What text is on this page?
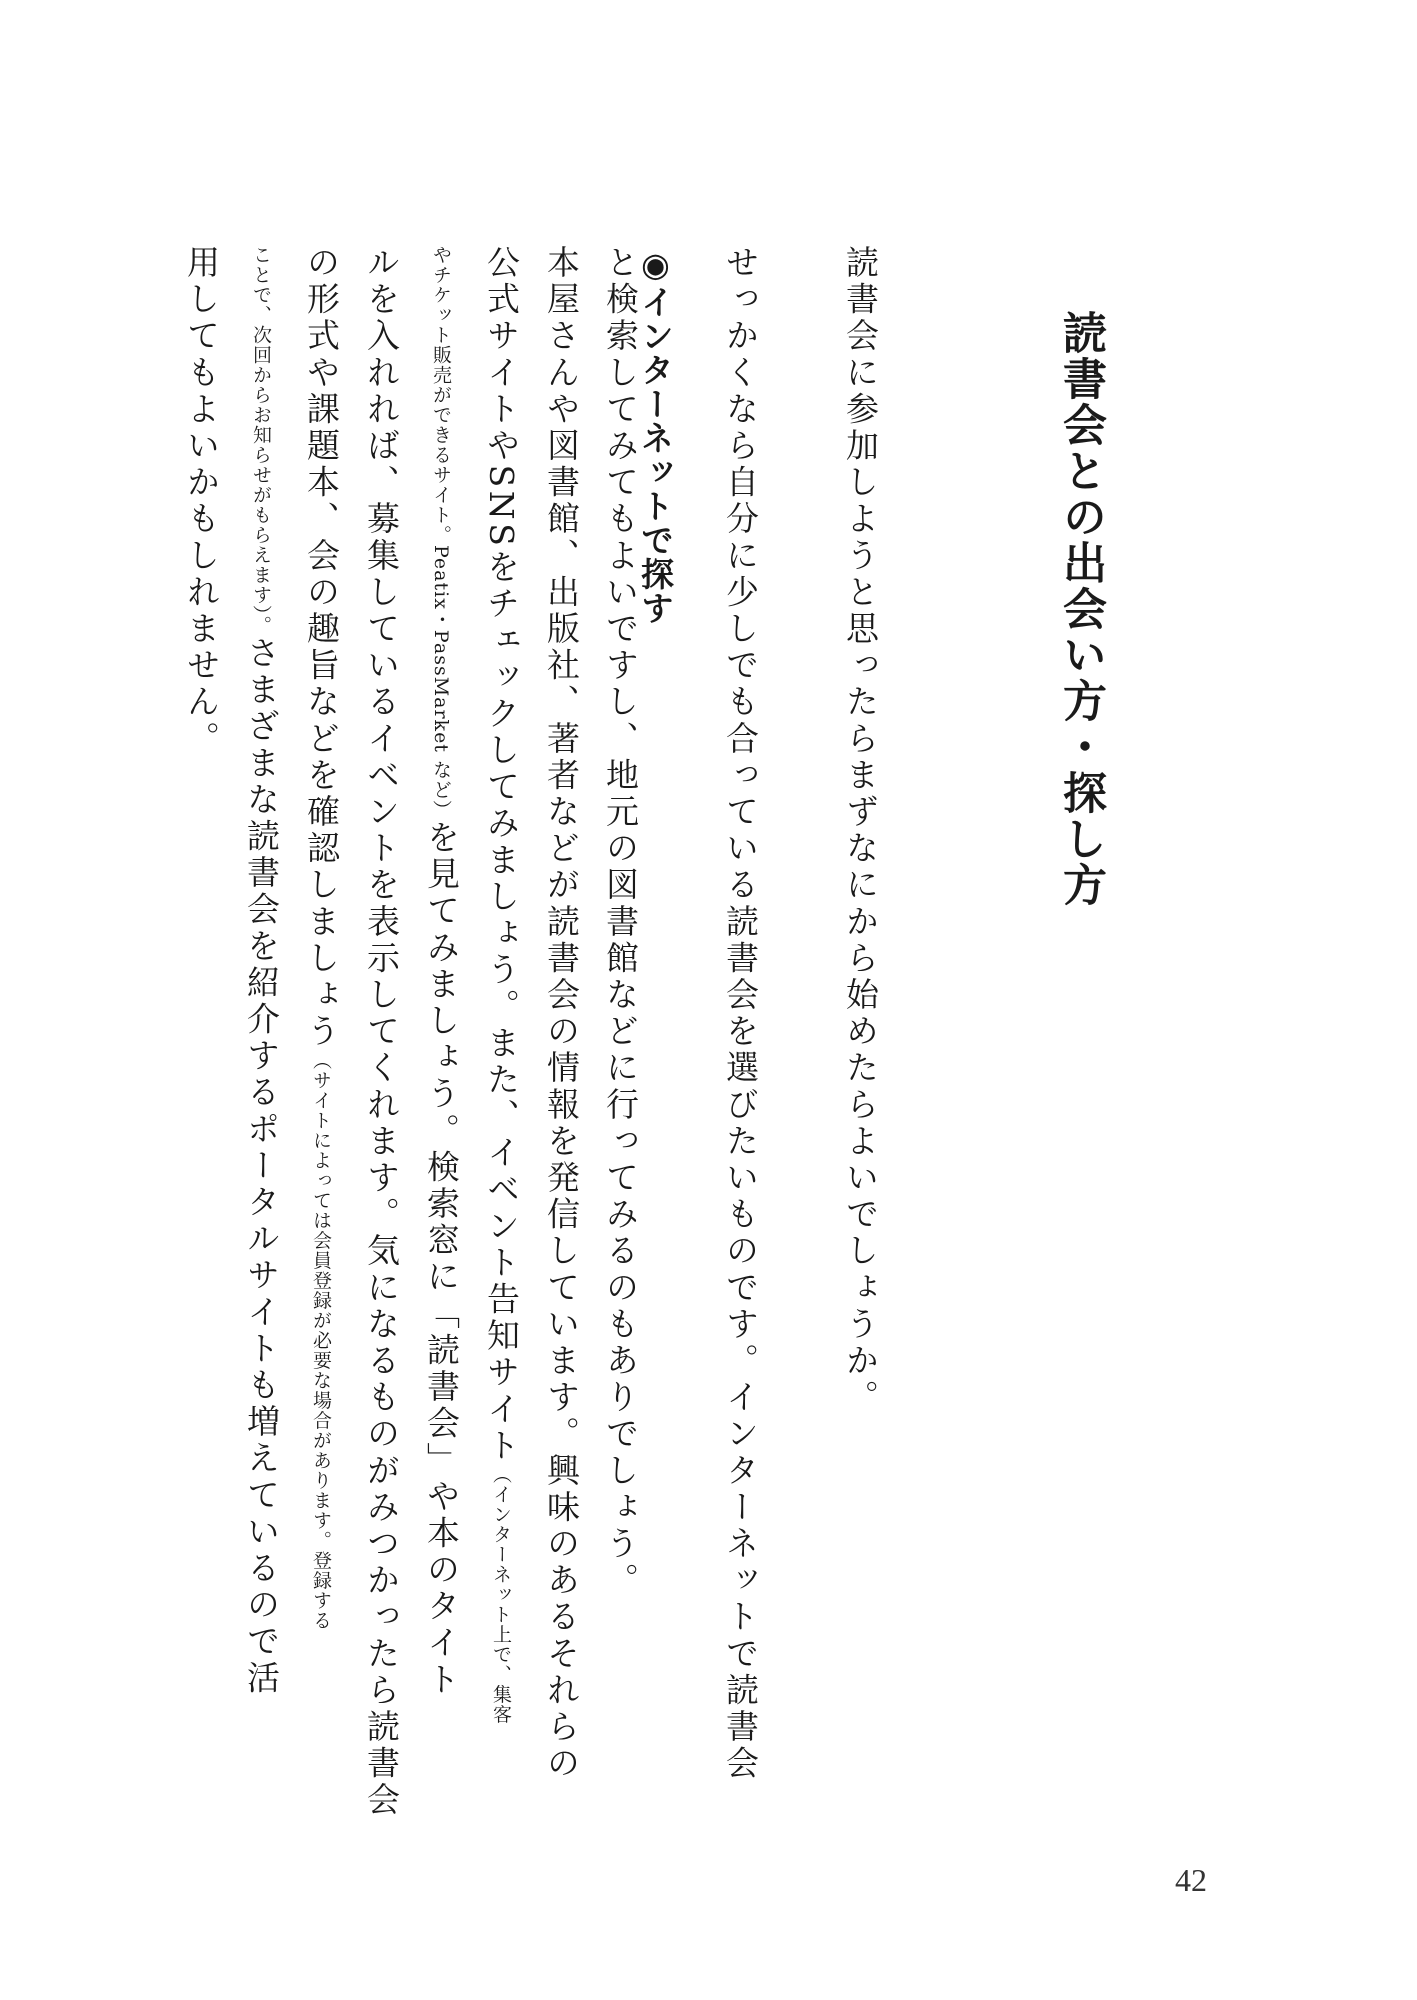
読書会との出会い方・探し方
読書会に参加しようと思ったらまずなにから始めたらよいでしょうか。
せっかくなら自分に少しでも合っている読書会を選びたいものです。インターネットで読書会
と検索してみてもよいですし、地元の図書館などに行ってみるのもありでしょう。
◉インターネットで探す
本屋さんや図書館、出版社、著者などが読書会の情報を発信しています。興味のあるそれらの
公式サイトやSNSをチェックしてみましょう。また、イベント告知サイト（インターネット上で、集客
やチケット販売ができるサイト。Peatix・PassMarket など）を見てみましょう。検索窓に「読書会」や本のタイト
ルを入れれば、募集しているイベントを表示してくれます。気になるものがみつかったら読書会
の形式や課題本、会の趣旨などを確認しましょう（サイトによっては会員登録が必要な場合があります。登録する
ことで、次回からお知らせがもらえます）。さまざまな読書会を紹介するポータルサイトも増えているので活
用してもよいかもしれません。
42
